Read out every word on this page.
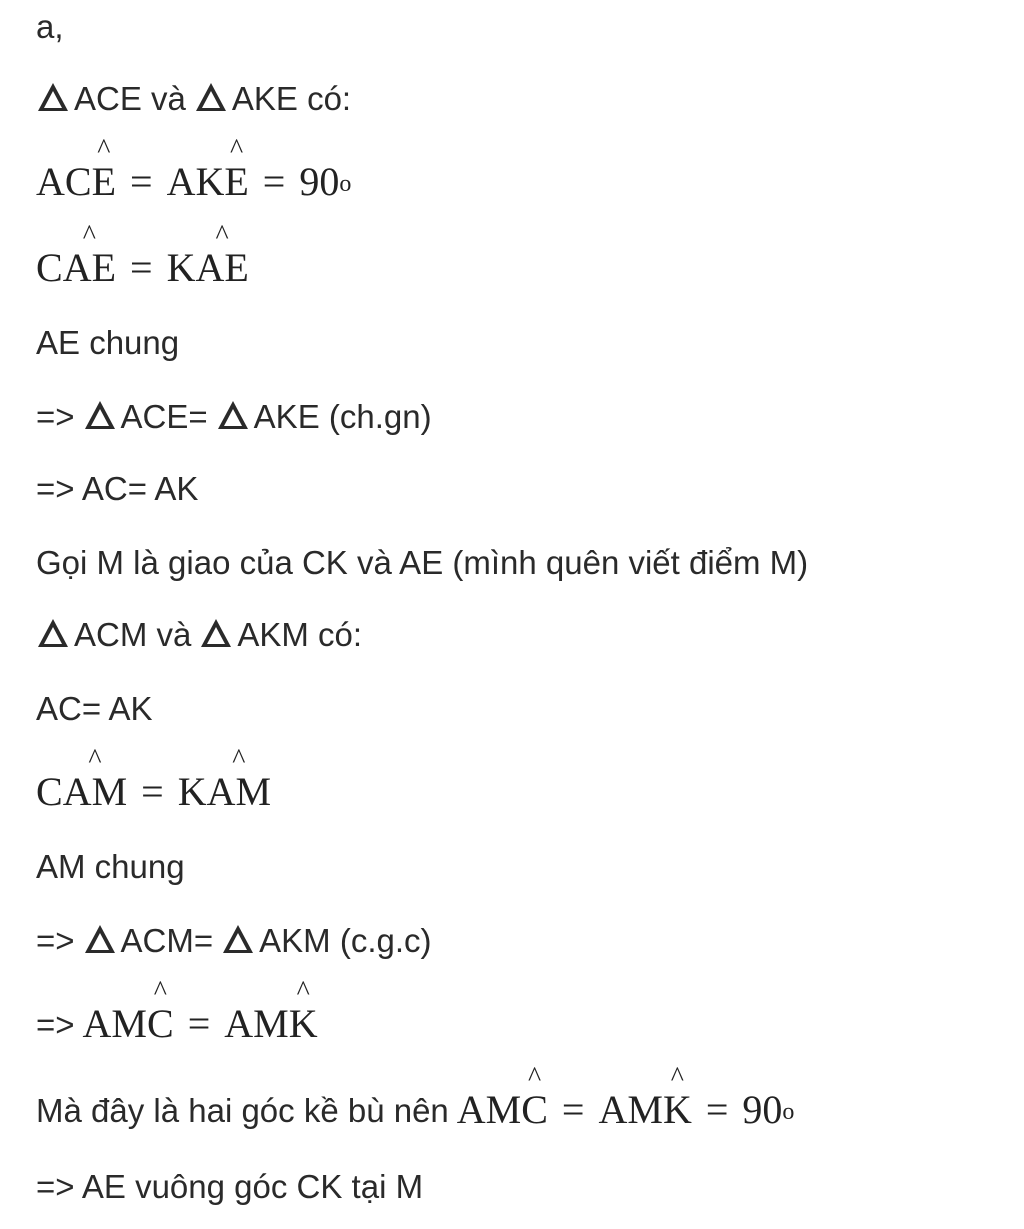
a,
ACE và AKE có:
AC ^ E = AK ^ $E = 90^o$
C ^ AE = K ^ AE
AE chung
=> ACE= AKE (ch.gn)
=> AC= AK
Gọi M là giao của CK và AE (mình quên viết điểm M)
ACM và AKM có:
AC= AK
C ^ AM = K ^ AM
AM chung
=> ACM= AKM (c.g.c)
=> AM ^ C = AM ^ K
Mà đây là hai góc kề bù nên AM ^ C = AM ^ $K = 90^o$
=> AE vuông góc CK tại M
